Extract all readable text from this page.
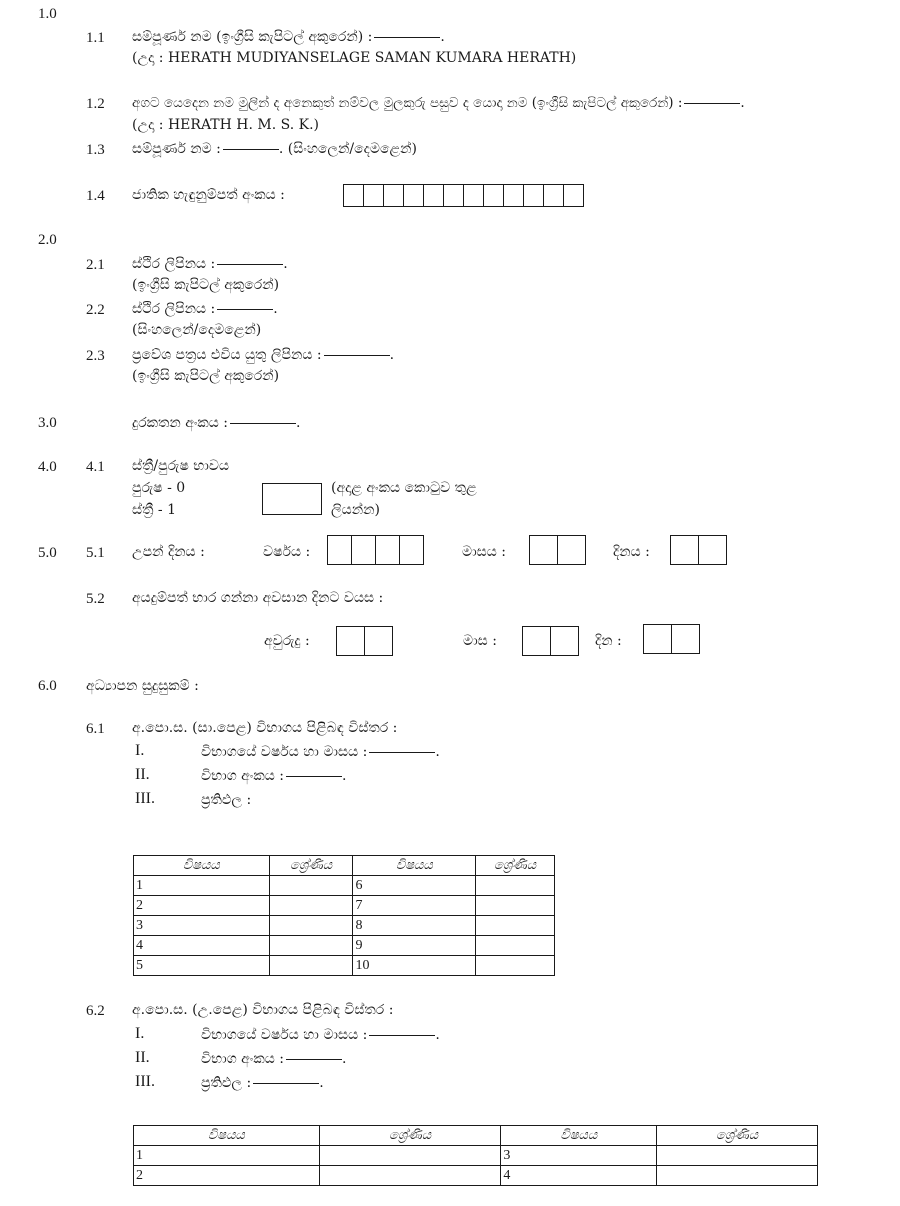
1.0
1.1 සම්පූර්ණ නම (ඉංග්‍රීසි කැපිටල් අකුරෙන්) :	.
(උදා : HERATH MUDIYANSELAGE SAMAN KUMARA HERATH)
1.2 අගට යෙදෙන නම මුලින් ද අනෙකුත් නම්වල මුලකුරු පසුව ද යොදා නම (ඉංග්‍රීසි කැපිටල් අකුරෙන්) :	.
(උදා : HERATH H. M. S. K.)
1.3 සම්පූර්ණ නම :	. (සිංහලෙන්/දෙමළෙන්)
1.4 ජාතික හැඳුනුම්පත් අංකය :
2.0
2.1 ස්ථිර ලිපිනය :	.
(ඉංග්‍රීසි කැපිටල් අකුරෙන්)
2.2 ස්ථිර ලිපිනය :	.
(සිංහලෙන්/දෙමළෙන්)
2.3 ප්‍රවේශ පත්‍රය එවිය යුතු ලිපිනය :	.
(ඉංග්‍රීසි කැපිටල් අකුරෙන්)
3.0	දුරකතන අංකය :	.
4.0 4.1 ස්ත්‍රී/පුරුෂ භාවය
පුරුෂ - 0
ස්ත්‍රී - 1
(අදාළ අංකය කොටුව තුළ
ලියන්න)
5.0 5.1 උපන් දිනය :	වර්ෂය :	මාසය :	දිනය :
5.2 අයදුම්පත් භාර ගන්නා අවසාන දිනට වයස :
අවුරුදු :	මාස :	දින :
6.0 අධ්‍යාපන සුදුසුකම් :
6.1 අ.පො.ස. (සා.පෙළ) විභාගය පිළිබඳ විස්තර :
I.	විභාගයේ වර්ෂය හා මාසය :	.
II.	විභාග අංකය :	.
III.	ප්‍රතිඵල :
විෂයය	ශ්‍රේණිය	විෂයය	ශ්‍රේණිය
1		6	
2		7	
3		8	
4		9	
5		10	
6.2 අ.පො.ස. (උ.පෙළ) විභාගය පිළිබඳ විස්තර :
I.	විභාගයේ වර්ෂය හා මාසය :	.
II.	විභාග අංකය :	.
III.	ප්‍රතිඵල :	.
විෂයය	ශ්‍රේණිය	විෂයය	ශ්‍රේණිය
1		3	
2		4	
